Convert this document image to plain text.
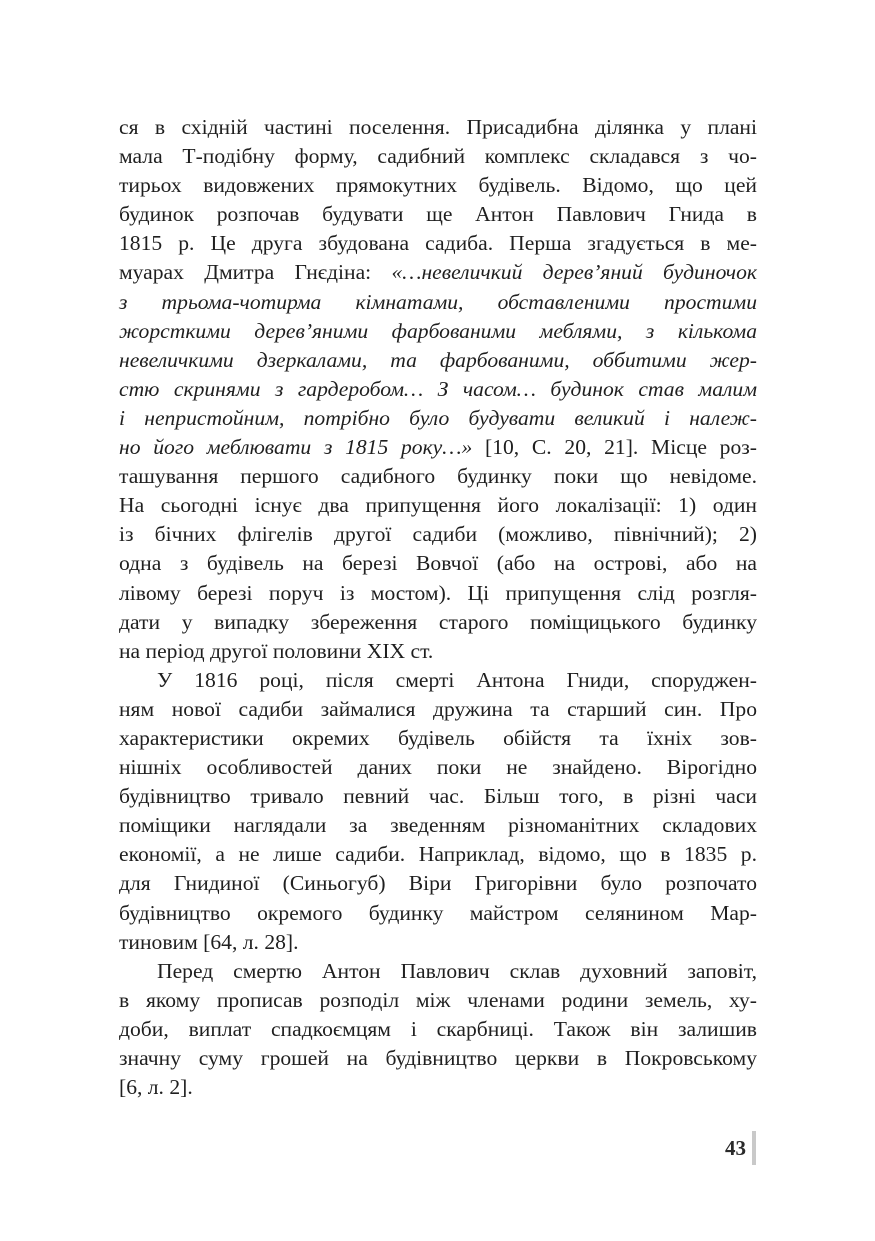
ся в східній частині поселення. Присадибна ділянка у плані
мала Т-подібну форму, садибний комплекс складався з чо-
тирьох видовжених прямокутних будівель. Відомо, що цей
будинок розпочав будувати ще Антон Павлович Гнида в
1815 р. Це друга збудована садиба. Перша згадується в ме-
муарах Дмитра Гнєдіна: «…невеличкий дерев’яний будиночок
з трьома-чотирма кімнатами, обставленими простими
жорсткими дерев’яними фарбованими меблями, з кількома
невеличкими дзеркалами, та фарбованими, оббитими жер-
стю скринями з гардеробом… З часом… будинок став малим
і непристойним, потрібно було будувати великий і належ-
но його меблювати з 1815 року…» [10, С. 20, 21]. Місце роз-
ташування першого садибного будинку поки що невідоме.
На сьогодні існує два припущення його локалізації: 1) один
із бічних флігелів другої садиби (можливо, північний); 2)
одна з будівель на березі Вовчої (або на острові, або на
лівому березі поруч із мостом). Ці припущення слід розгля-
дати у випадку збереження старого поміщицького будинку
на період другої половини XIX ст.
У 1816 році, після смерті Антона Гниди, споруджен-
ням нової садиби займалися дружина та старший син. Про
характеристики окремих будівель обійстя та їхніх зов-
нішніх особливостей даних поки не знайдено. Вірогідно
будівництво тривало певний час. Більш того, в різні часи
поміщики наглядали за зведенням різноманітних складових
економії, а не лише садиби. Наприклад, відомо, що в 1835 р.
для Гнидиної (Синьогуб) Віри Григорівни було розпочато
будівництво окремого будинку майстром селянином Мар-
тиновим [64, л. 28].
Перед смертю Антон Павлович склав духовний заповіт,
в якому прописав розподіл між членами родини земель, ху-
доби, виплат спадкоємцям і скарбниці. Також він залишив
значну суму грошей на будівництво церкви в Покровському
[6, л. 2].
43
